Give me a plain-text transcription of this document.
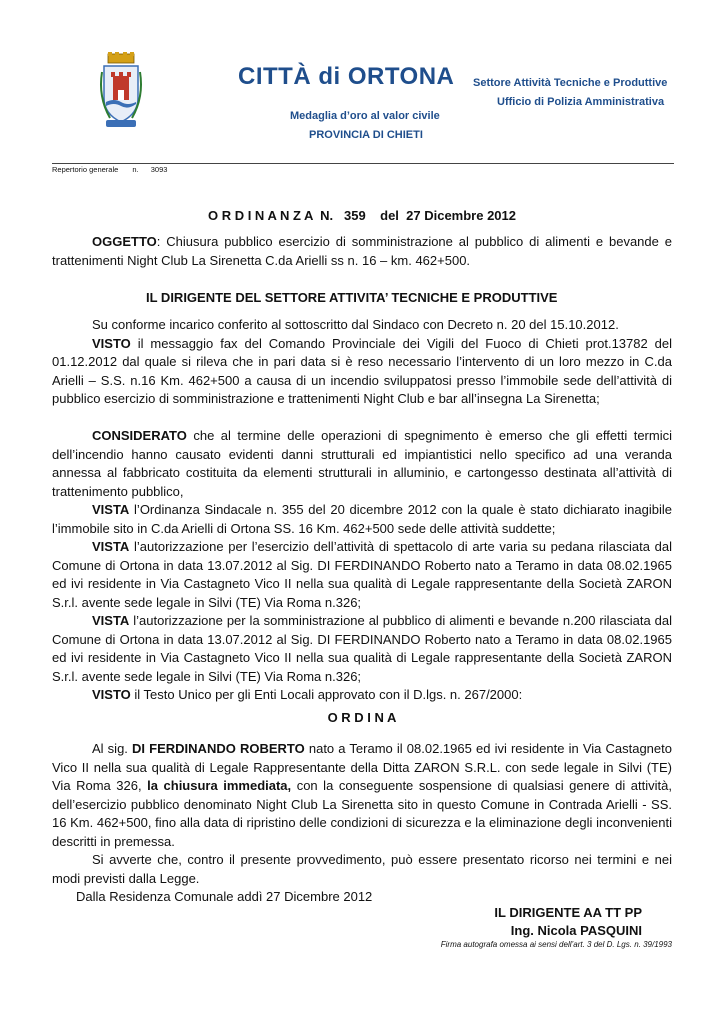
CITTÀ di ORTONA
Medaglia d’oro al valor civile
PROVINCIA DI CHIETI
Settore Attività Tecniche e Produttive
Ufficio di Polizia Amministrativa
Repertorio generale n. 3093
O R D I N A N Z A  N.   359    del  27 Dicembre 2012

OGGETTO: Chiusura pubblico esercizio di somministrazione al pubblico di alimenti e bevande e trattenimenti Night Club La Sirenetta C.da Arielli ss n. 16 – km. 462+500.

IL DIRIGENTE DEL SETTORE ATTIVITA’ TECNICHE E PRODUTTIVE

Su conforme incarico conferito al sottoscritto dal Sindaco con Decreto n. 20 del 15.10.2012.

VISTO il messaggio fax del Comando Provinciale dei Vigili del Fuoco di Chieti prot.13782 del 01.12.2012 dal quale si rileva che in pari data si è reso necessario l’intervento di un loro mezzo in C.da Arielli – S.S. n.16 Km. 462+500 a causa di un incendio sviluppatosi presso l’immobile sede dell’attività di pubblico esercizio di somministrazione e trattenimenti Night Club e bar all’insegna La Sirenetta;

CONSIDERATO che al termine delle operazioni di spegnimento è emerso che gli effetti termici dell’incendio hanno causato evidenti danni strutturali ed impiantistici nello specifico ad una veranda annessa al fabbricato costituita da elementi strutturali in alluminio, e cartongesso destinata all’attività di trattenimento pubblico,

VISTA l’Ordinanza Sindacale n. 355 del 20 dicembre 2012 con la quale è stato dichiarato inagibile l’immobile sito in C.da Arielli di Ortona SS. 16 Km. 462+500 sede delle attività suddette;

VISTA l’autorizzazione per l’esercizio dell’attività di spettacolo di arte varia su pedana rilasciata dal Comune di Ortona in data 13.07.2012 al Sig. DI FERDINANDO Roberto nato a Teramo in data 08.02.1965 ed ivi residente in Via Castagneto Vico II nella sua qualità di Legale rappresentante della Società ZARON S.r.l. avente sede legale in Silvi (TE) Via Roma n.326;

VISTA l’autorizzazione per la somministrazione al pubblico di alimenti e bevande n.200 rilasciata dal Comune di Ortona in data 13.07.2012 al Sig. DI FERDINANDO Roberto nato a Teramo in data 08.02.1965 ed ivi residente in Via Castagneto Vico II nella sua qualità di Legale rappresentante della Società ZARON S.r.l. avente sede legale in Silvi (TE) Via Roma n.326;

VISTO il Testo Unico per gli Enti Locali approvato con il D.lgs. n. 267/2000:

O R D I N A

Al sig. DI FERDINANDO ROBERTO nato a Teramo il 08.02.1965 ed ivi residente in Via Castagneto Vico II nella sua qualità di Legale Rappresentante della Ditta ZARON S.R.L. con sede legale in Silvi (TE) Via Roma 326, la chiusura immediata, con la conseguente sospensione di qualsiasi genere di attività, dell’esercizio pubblico denominato Night Club La Sirenetta sito in questo Comune in Contrada Arielli - SS. 16 Km. 462+500, fino alla data di ripristino delle condizioni di sicurezza e la eliminazione degli inconvenienti descritti in premessa.

Si avverte che, contro il presente provvedimento, può essere presentato ricorso nei termini e nei modi previsti dalla Legge.

Dalla Residenza Comunale addì 27 Dicembre 2012

IL DIRIGENTE AA TT PP
Ing. Nicola PASQUINI
Firma autografa omessa ai sensi dell’art. 3 del D. Lgs. n. 39/1993
